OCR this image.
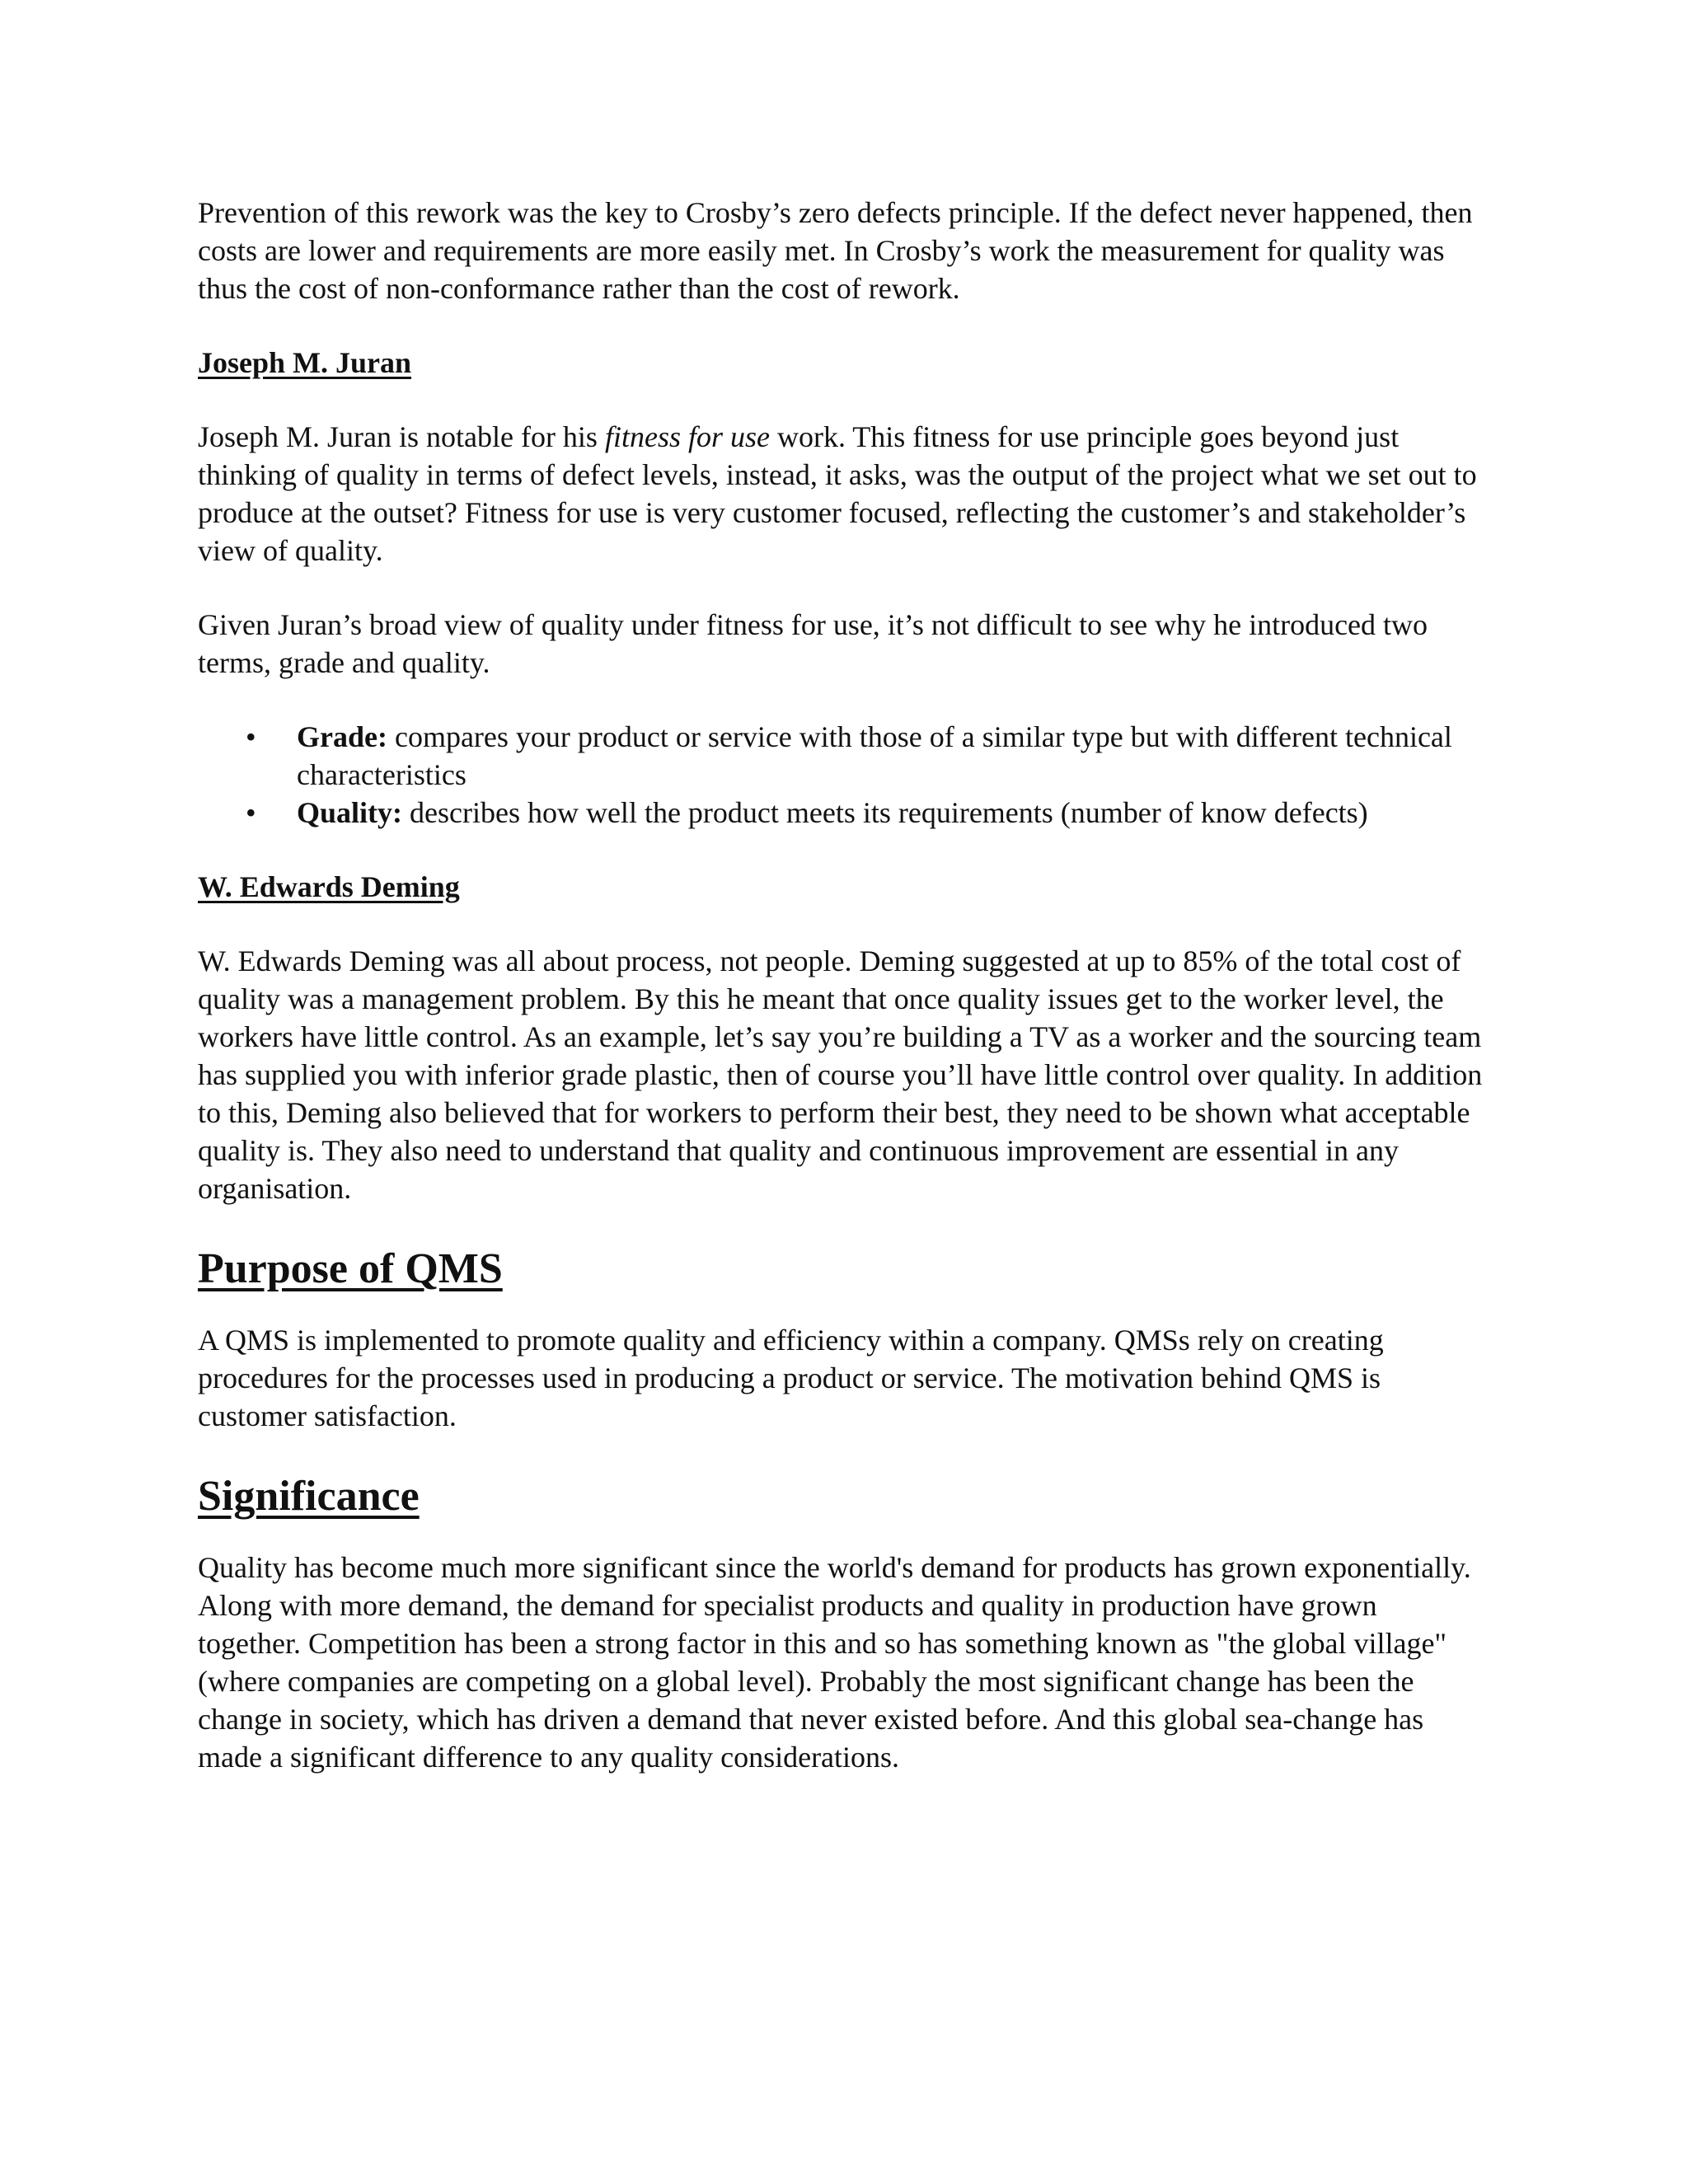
Prevention of this rework was the key to Crosby’s zero defects principle. If the defect never happened, then costs are lower and requirements are more easily met. In Crosby’s work the measurement for quality was thus the cost of non-conformance rather than the cost of rework.

Joseph M. Juran

Joseph M. Juran is notable for his fitness for use work. This fitness for use principle goes beyond just thinking of quality in terms of defect levels, instead, it asks, was the output of the project what we set out to produce at the outset? Fitness for use is very customer focused, reflecting the customer’s and stakeholder’s view of quality.

Given Juran’s broad view of quality under fitness for use, it’s not difficult to see why he introduced two terms, grade and quality.

• Grade: compares your product or service with those of a similar type but with different technical characteristics
• Quality: describes how well the product meets its requirements (number of know defects)

W. Edwards Deming

W. Edwards Deming was all about process, not people. Deming suggested at up to 85% of the total cost of quality was a management problem. By this he meant that once quality issues get to the worker level, the workers have little control. As an example, let’s say you’re building a TV as a worker and the sourcing team has supplied you with inferior grade plastic, then of course you’ll have little control over quality. In addition to this, Deming also believed that for workers to perform their best, they need to be shown what acceptable quality is. They also need to understand that quality and continuous improvement are essential in any organisation.

Purpose of QMS

A QMS is implemented to promote quality and efficiency within a company. QMSs rely on creating procedures for the processes used in producing a product or service. The motivation behind QMS is customer satisfaction.

Significance

Quality has become much more significant since the world's demand for products has grown exponentially. Along with more demand, the demand for specialist products and quality in production have grown together. Competition has been a strong factor in this and so has something known as "the global village" (where companies are competing on a global level). Probably the most significant change has been the change in society, which has driven a demand that never existed before. And this global sea-change has made a significant difference to any quality considerations.
